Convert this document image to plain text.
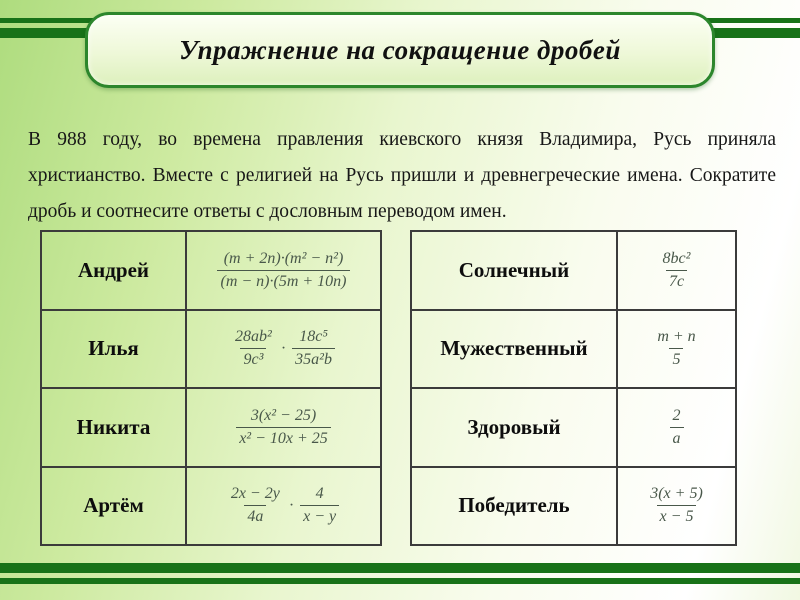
Упражнение на сокращение дробей

В 988 году, во времена правления киевского князя Владимира, Русь приняла христианство. Вместе с религией на Русь пришли и древнегреческие имена. Сократите дробь и соотнесите ответы с дословным переводом имен.

Андрей	$\frac{\text{(m + 2n)·(m² − n²)}}{(m - n)\cdot(5m + 10n)}$
Илья	$\frac{\text{28ab²}}{\text{9c³}} \cdot \frac{\text{18c⁵}}{\text{35a²b}}$
Никита	$\frac{\text{3(x² − 25)}}{\text{x² − 10x + 25}}$
Артём	$\frac{2x - 2y}{4a} \cdot \frac{4}{x - y}$
Солнечный	$\frac{\text{8bc²}}{7c}$
Мужественный	$\frac{m + n}{5}$
Здоровый	$\frac{2}{a}$
Победитель	$\frac{3(x + 5)}{x - 5}$
